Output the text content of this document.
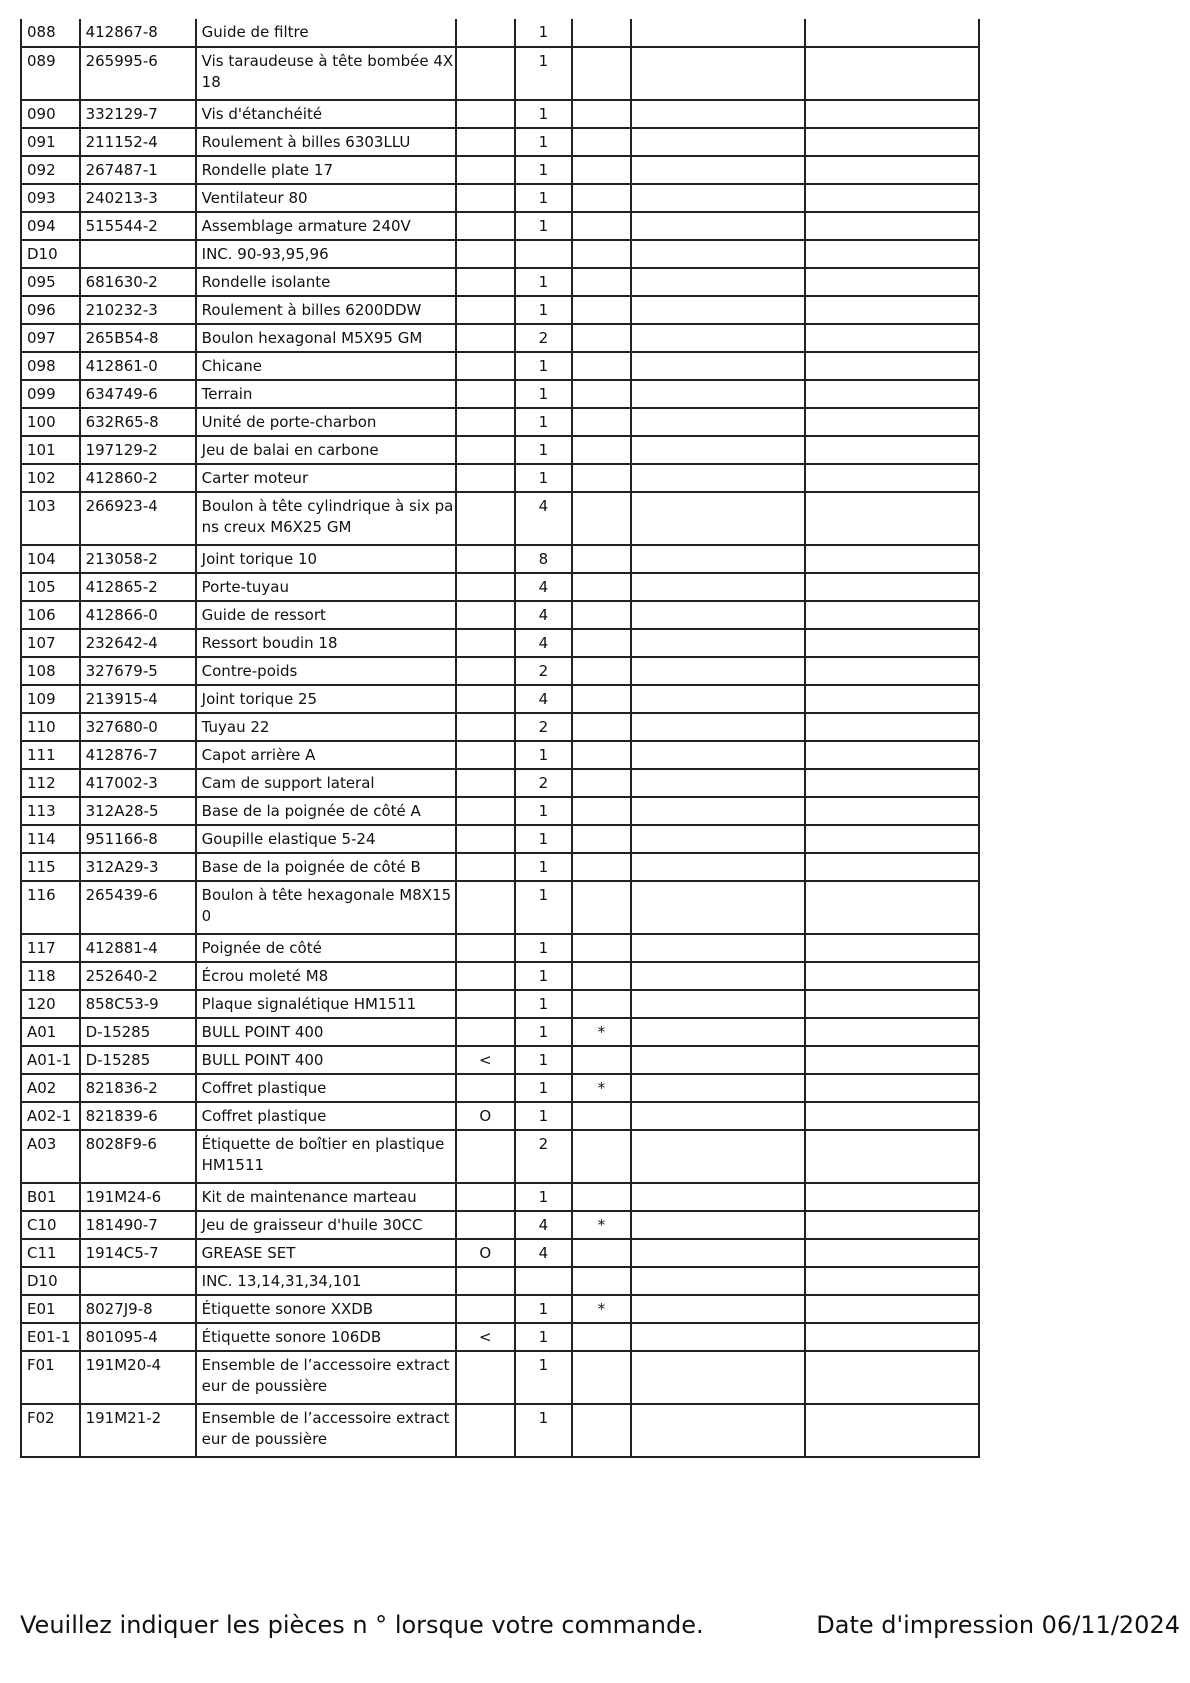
088	412867-8	Guide de filtre		1			
089	265995-6	Vis taraudeuse à tête bombée 4X18		1			
090	332129-7	Vis d'étanchéité		1			
091	211152-4	Roulement à billes 6303LLU		1			
092	267487-1	Rondelle plate 17		1			
093	240213-3	Ventilateur 80		1			
094	515544-2	Assemblage armature 240V		1			
D10		INC. 90-93,95,96					
095	681630-2	Rondelle isolante		1			
096	210232-3	Roulement à billes 6200DDW		1			
097	265B54-8	Boulon hexagonal M5X95 GM		2			
098	412861-0	Chicane		1			
099	634749-6	Terrain		1			
100	632R65-8	Unité de porte-charbon		1			
101	197129-2	Jeu de balai en carbone		1			
102	412860-2	Carter moteur		1			
103	266923-4	Boulon à tête cylindrique à six pans creux M6X25 GM		4			
104	213058-2	Joint torique 10		8			
105	412865-2	Porte-tuyau		4			
106	412866-0	Guide de ressort		4			
107	232642-4	Ressort boudin 18		4			
108	327679-5	Contre-poids		2			
109	213915-4	Joint torique 25		4			
110	327680-0	Tuyau 22		2			
111	412876-7	Capot arrière A		1			
112	417002-3	Cam de support lateral		2			
113	312A28-5	Base de la poignée de côté A		1			
114	951166-8	Goupille elastique 5-24		1			
115	312A29-3	Base de la poignée de côté B		1			
116	265439-6	Boulon à tête hexagonale M8X150		1			
117	412881-4	Poignée de côté		1			
118	252640-2	Écrou moleté M8		1			
120	858C53-9	Plaque signalétique HM1511		1			
A01	D-15285	BULL POINT 400		1	*		
A01-1	D-15285	BULL POINT 400	<	1			
A02	821836-2	Coffret plastique		1	*		
A02-1	821839-6	Coffret plastique	O	1			
A03	8028F9-6	Étiquette de boîtier en plastique HM1511		2			
B01	191M24-6	Kit de maintenance marteau		1			
C10	181490-7	Jeu de graisseur d'huile 30CC		4	*		
C11	1914C5-7	GREASE SET	O	4			
D10		INC. 13,14,31,34,101					
E01	8027J9-8	Étiquette sonore XXDB		1	*		
E01-1	801095-4	Étiquette sonore 106DB	<	1			
F01	191M20-4	Ensemble de l’accessoire extracteur de poussière		1			
F02	191M21-2	Ensemble de l’accessoire extracteur de poussière		1			
Veuillez indiquer les pièces n ° lorsque votre commande.	Date d'impression 06/11/2024
